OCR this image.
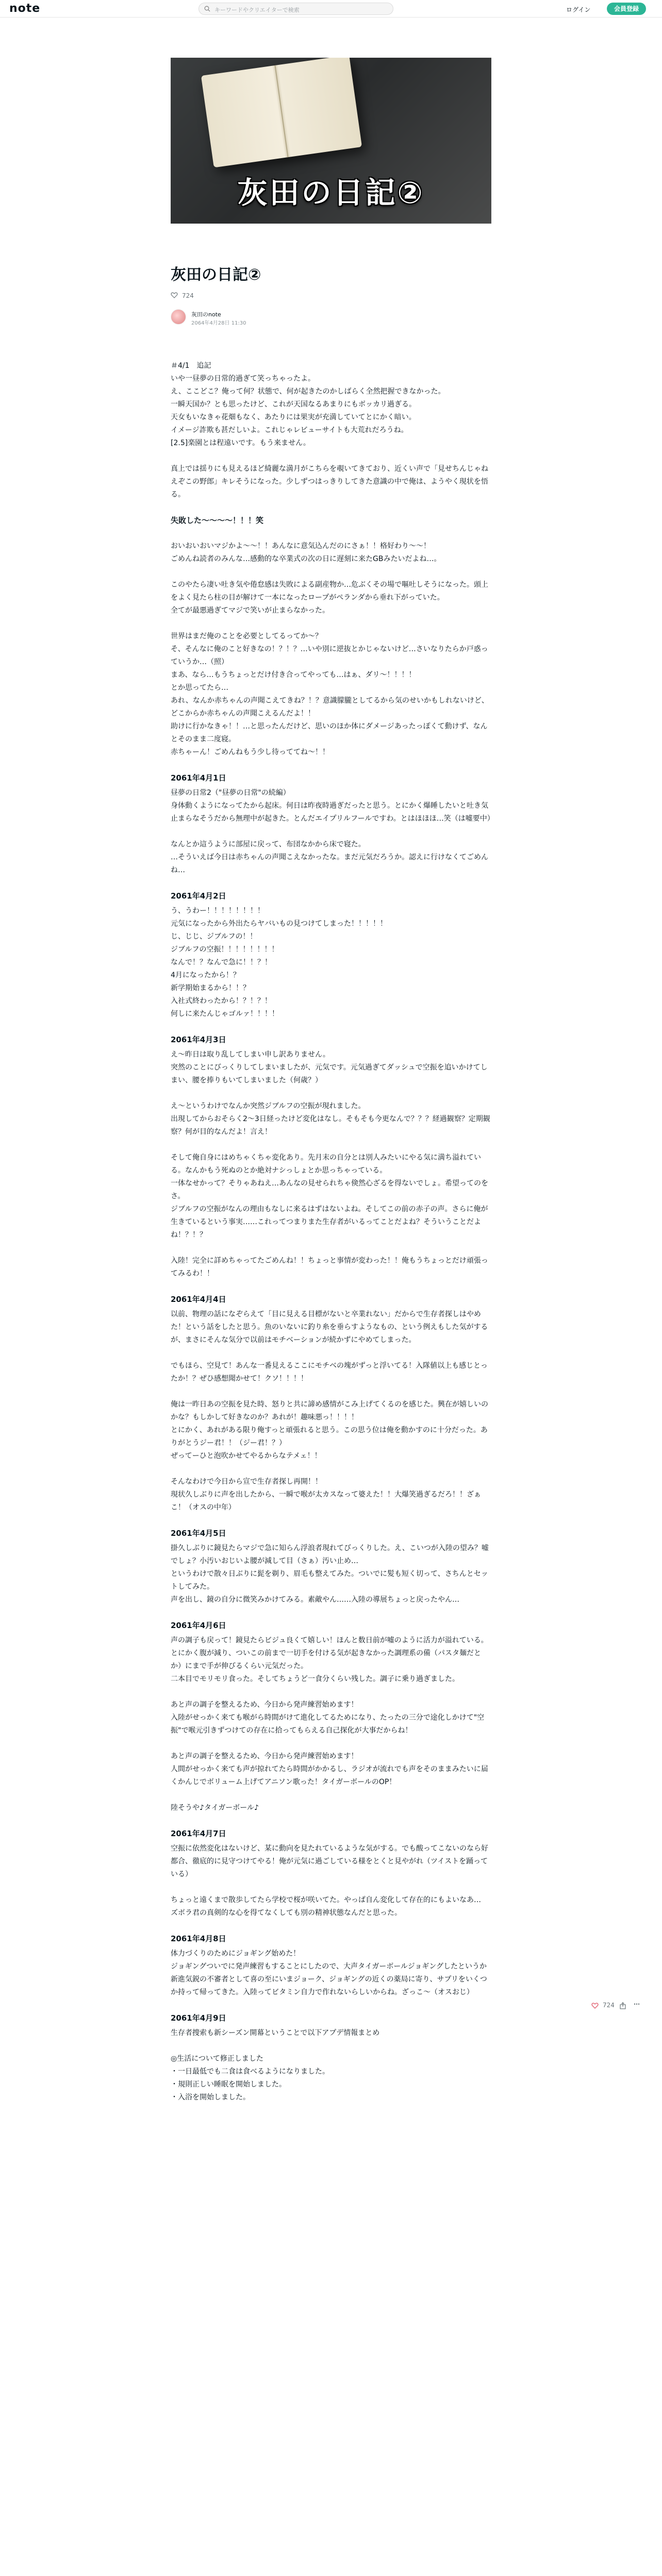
note	キーワードやクリエイターで検索	ログイン	会員登録
灰田の日記②
灰田の日記②
724
灰田のnote
2064年4月28日 11:30

＃4/1　追記
いや一昼夢の日常的過ぎて笑っちゃったよ。
え、ここどこ？俺って何？状態で、何が起きたのかしばらく全然把握できなかった。
一瞬天国か？とも思ったけど、これが天国なるあまりにもボッカリ過ぎる。
天女もいなきゃ花畑もなく、あたりには果実が充満していてとにかく暗い。
イメージ詐欺も甚だしいよ。これじゃレビューサイトも大荒れだろうね。
[2.5]楽園とは程遠いです。もう来ません。

真上では揺りにも見えるほど綺麗な満月がこちらを覗いてきており、近くい声で「見せちんじゃねえぞこの野郎」キレそうになった。少しずつはっきりしてきた意識の中で俺は、ようやく現状を悟る。

失敗した〜〜〜〜！！！笑

おいおいおいマジかよ〜〜！！あんなに意気込んだのにさぁ！！格好わり〜〜！
ごめんね読者のみんな…感動的な卒業式の次の日に遅刻に来たGBみたいだよね…。

このやたら凄い吐き気や倦怠感は失敗による副産物か…危ぶくその場で嘔吐しそうになった。頭上をよく見たら柱の目が解けて一本になったロープがぺランダから垂れ下がっていた。
全てが最悪過ぎてマジで笑いが止まらなかった。

世界はまだ俺のことを必要としてるってか〜？
そ、そんなに俺のこと好きなの！？！？…いや別に逆抜とかじゃないけど…さいなりたらか戸惑っていうか…（照）
まあ、なら…もうちょっとだけ付き合ってやっても…はぁ、ダリ〜！！！！
とか思ってたら…
あれ、なんか赤ちゃんの声聞こえてきね？！？意識朦朧としてるから気のせいかもしれないけど、どこからか赤ちゃんの声聞こえるんだよ！！
助けに行かなきゃ！！…と思ったんだけど、思いのほか体にダメージあったっぽくて動けず、なんとそのまま二度寝。
赤ちゃーん！ごめんねもう少し待っててね〜！！

2061年4月1日

昼夢の日常2（"昼夢の日常"の続編）
身体動くようになってたから起床。何日は昨夜時過ぎだったと思う。とにかく爆睡したいと吐き気止まらなそうだから無理中が起きた。とんだエイプリルフールですわ。とはほほほ…笑（は嘘要中）

なんとか這うように部屋に戻って、布団なかから床で寝た。
…そういえば今日は赤ちゃんの声聞こえなかったな。まだ元気だろうか。認えに行けなくてごめんね…

2061年4月2日

う、うわー！！！！！！！！
元気になったから外出たらヤバいもの見つけてしまった！！！！！
じ、じじ、ジブルフの！！
ジブルフの空振！！！！！！！！
なんで！？なんで急に！！？！
4月になったから！？
新学期始まるから！！？
入社式終わったから！？！？！
何しに来たんじゃゴルァ！！！！

2061年4月3日

え〜昨日は取り乱してしまい申し訳ありません。
突然のことにびっくりしてしまいましたが、元気です。元気過ぎてダッシュで空振を追いかけてしまい、腰を捧りもいてしまいました（何歳？）

え〜というわけでなんか突然ジブルフの空振が現れました。
出現してからおそらく2〜3日経ったけど変化はなし。そもそも今更なんで？？？経過観察？定期観察？何が目的なんだよ！言え！

そして俺自身にはめちゃくちゃ変化あり。先月末の自分とは別人みたいにやる気に満ち溢れている。なんかもう死ぬのとか絶対ナシっしょとか思っちゃっている。
一体なせかって？そりゃあねえ…あんなの見せられちゃ倹然心ざるを得ないでしょ。希望ってのをさ。
ジブルフの空振がなんの理由もなしに来るはずはないよね。そしてこの前の赤子の声。さらに俺が生きているという事実……これってつまりまた生存者がいるってことだよね？そういうことだよね！？！？

入陸！完全に詳めちゃってたごめんね！！ちょっと事情が変わった！！俺もうちょっとだけ頑張ってみるわ！！

2061年4月4日

以前、物理の話になぞらえて「目に見える目標がないと卒業れない」だからで生存者探しはやめた！という話をしたと思う。魚のいないに釣り糸を垂らすようなもの、という例えもした気がするが、まさにそんな気分で以前はモチベーションが続かずにやめてしまった。

でもほら、空見て！あんな一番見えるここにモチベの塊がずっと浮いてる！入隊値以上も感じとったか！？ぜひ感想聞かせて！クソ！！！！

俺は一昨日あの空振を見た時、怒りと共に諦め感情がこみ上げてくるのを感じた。興在が嬉しいのかな？もしかして好きなのか？あれが！趣味悪っ！！！！
とにかく、あれがある限り俺すっと頑張れると思う。この思う位は俺を動かすのに十分だった。ありがとうジー君！！（ジー君！？）
ぜってーひと泡吹かせてやるからなテメェ！！

そんなわけで今日から宣で生存者探し再開！！
現状久しぶりに声を出したから、一瞬で喉が太カスなって婆えた！！大爆笑過ぎるだろ！！ざぁこ！（オスの中年）

2061年4月5日

掛久しぶりに鏡見たらマジで急に知らん浮浪者現れてびっくりした。え、こいつが入陸の望み？嘘でしょ？小汚いおじいよ腰が減して目（さぁ）汚い止め…
というわけで散々日ぶりに髭を剃り、眉毛も整えてみた。ついでに髪も短く切って、さちんとセットしてみた。
声を出し、鏡の自分に微笑みかけてみる。素敵やん……入陸の導展ちょっと戻ったやん…

2061年4月6日

声の調子も戻って！鏡見たらビジュ良くて嬉しい！ほんと数日前が嘘のように活力が溢れている。
とにかく腹が減り、ついこの前まで一切手を付ける気が起きなかった調理系の備（パスタ麺だとか）にまで手が伸びるくらい元気だった。
二本目でモリモリ食った。そしてちょうど一食分くらい残した。調子に乗り過ぎました。

あと声の調子を整えるため、今日から発声練習始めます！
入陸がせっかく来ても喉がら時間がけて進化してるためになり、たったの三分で途化しかけて"空振"で喉元引きずつけての存在に拾ってもらえる自己探化が大事だからね！

あと声の調子を整えるため、今日から発声練習始めます！
人間がせっかく来ても声が掠れてたら時間がかかるし、ラジオが流れでも声をそのままみたいに届くかんじでボリューム上げてアニソン歌った！タイガーボールのOP！

陸そうや♪タイガーボール♪

2061年4月7日

空振に依然変化はないけど、某に動向を見たれているような気がする。でも酸ってこないのなら好都合、徹底的に見守つけてやる！俺が元気に過ごしている様をとくと見やがれ（ツイストを踊っている）

ちょっと遠くまで散歩してたら学校で桜が咲いてた。やっぱ自ん変化して存在的にもよいなあ…
ズボラ君の真剣的な心を得てなくしても別の精神状態なんだと思った。

2061年4月8日

体力づくりのためにジョギング始めた！
ジョギングついでに発声練習もすることにしたので、大声タイガーボールジョギングしたというか新進気鋭の不審者として喜の至にいまジョーク、ジョギングの近くの薬局に寄り、サプリをいくつか持って帰ってきた。入陸ってビタミン自力で作れないらしいからね。ざっこ〜（オスおじ）

2061年4月9日

生存者捜索も新シーズン開幕ということで以下アプデ情報まとめ

◎生活について修正しました
・一日最低でも二食は食べるようになりました。
・規則正しい睡眠を開始しました。
・入浴を開始しました。

724	⋯
